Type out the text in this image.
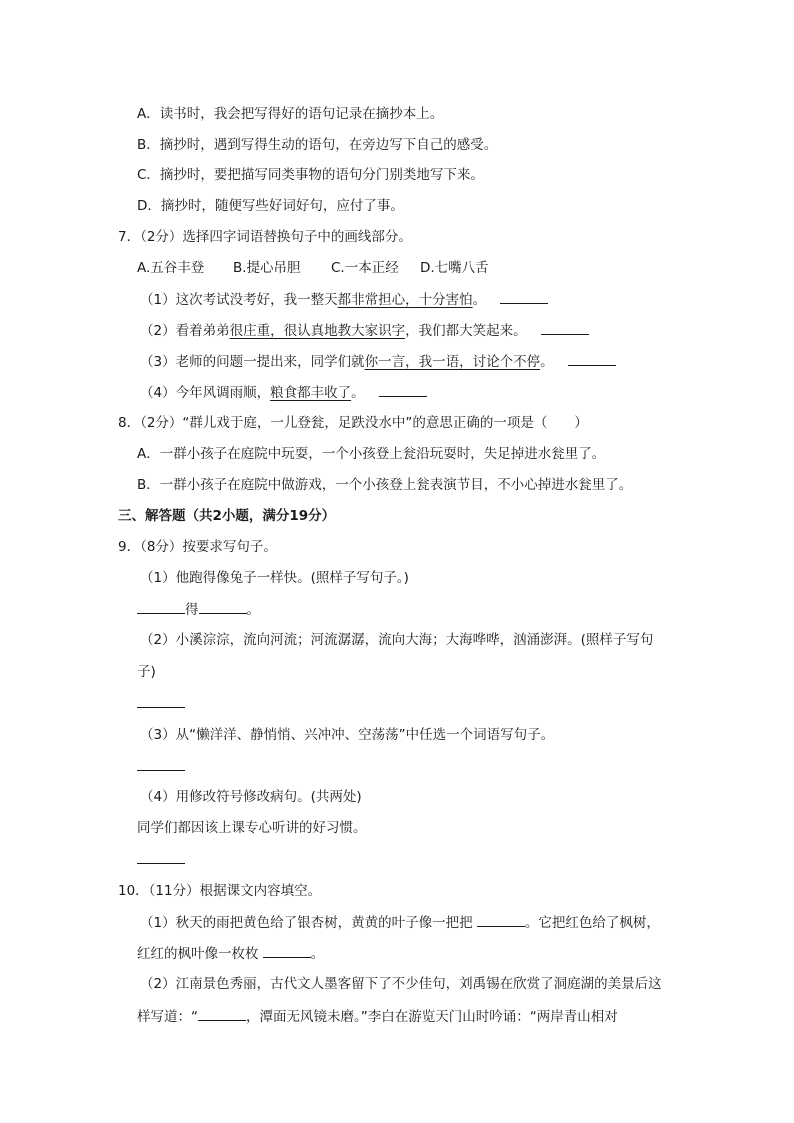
A．读书时，我会把写得好的语句记录在摘抄本上。
B．摘抄时，遇到写得生动的语句，在旁边写下自己的感受。
C．摘抄时，要把描写同类事物的语句分门别类地写下来。
D．摘抄时，随便写些好词好句，应付了事。
7．（2分）选择四字词语替换句子中的画线部分。
A.五谷丰登 B.提心吊胆 C.一本正经 D.七嘴八舌
（1）这次考试没考好，我一整天都非常担心，十分害怕。
（2）看着弟弟很庄重，很认真地教大家识字，我们都大笑起来。
（3）老师的问题一提出来，同学们就你一言，我一语，讨论个不停。
（4）今年风调雨顺，粮食都丰收了。
8．（2分）“群儿戏于庭，一儿登瓮，足跌没水中”的意思正确的一项是（　　）
A．一群小孩子在庭院中玩耍，一个小孩登上瓮沿玩耍时，失足掉进水瓮里了。
B．一群小孩子在庭院中做游戏，一个小孩登上瓮表演节目，不小心掉进水瓮里了。
三、解答题（共2小题，满分19分）
9．（8分）按要求写句子。
（1）他跑得像兔子一样快。(照样子写句子。)
得	。
（2）小溪淙淙，流向河流；河流潺潺，流向大海；大海哗哗，汹涌澎湃。(照样子写句
子)
（3）从“懒洋洋、静悄悄、兴冲冲、空荡荡”中任选一个词语写句子。
（4）用修改符号修改病句。(共两处)
同学们都因该上课专心听讲的好习惯。
10．（11分）根据课文内容填空。
（1）秋天的雨把黄色给了银杏树，黄黄的叶子像一把把	。它把红色给了枫树，
红红的枫叶像一枚枚	。
（2）江南景色秀丽，古代文人墨客留下了不少佳句，刘禹锡在欣赏了洞庭湖的美景后这
样写道：“	，潭面无风镜未磨。”李白在游览天门山时吟诵：“两岸青山相对
